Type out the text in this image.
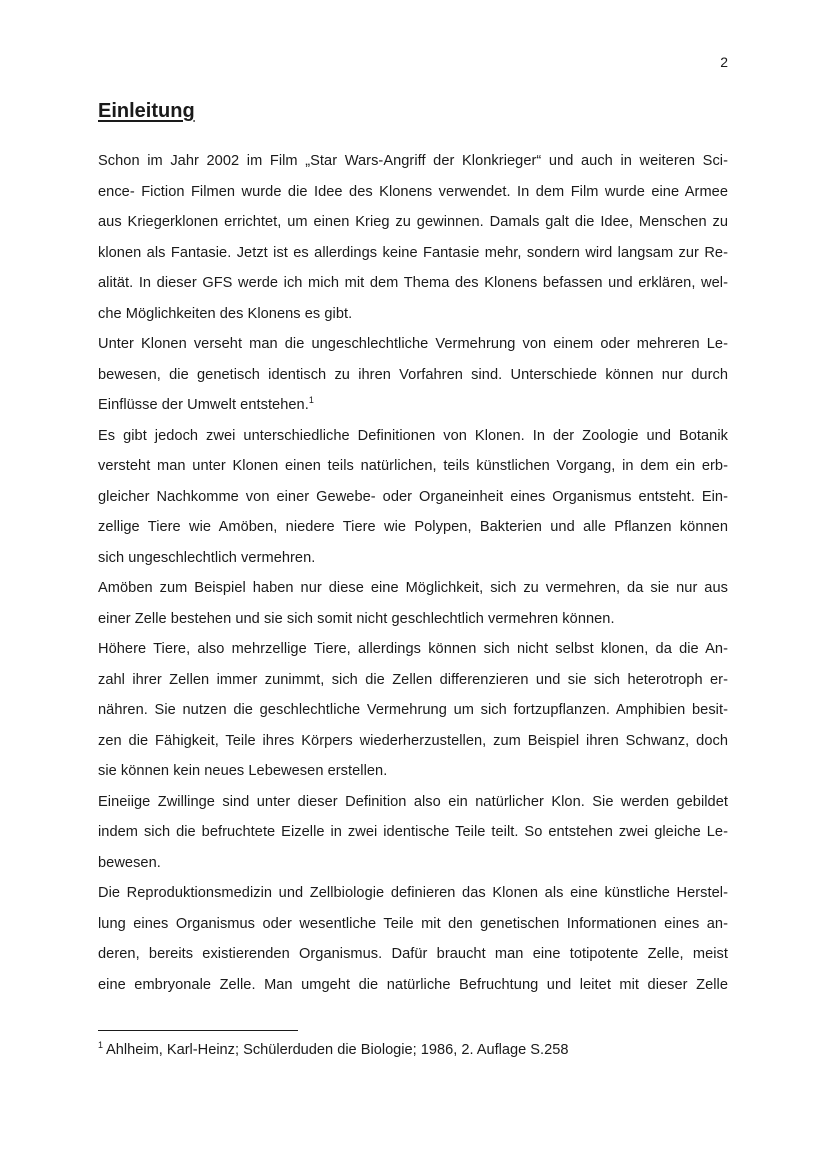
2
Einleitung
Schon im Jahr 2002 im Film „Star Wars-Angriff der Klonkrieger“ und auch in weiteren Sci-
ence- Fiction Filmen wurde die Idee des Klonens verwendet. In dem Film wurde eine Armee
aus Kriegerklonen errichtet, um einen Krieg zu gewinnen. Damals galt die Idee, Menschen zu
klonen als Fantasie. Jetzt ist es allerdings keine Fantasie mehr, sondern wird langsam zur Re-
alität. In dieser GFS werde ich mich mit dem Thema des Klonens befassen und erklären, wel-
che Möglichkeiten des Klonens es gibt.
Unter Klonen verseht man die ungeschlechtliche Vermehrung von einem oder mehreren Le-
bewesen, die genetisch identisch zu ihren Vorfahren sind. Unterschiede können nur durch
Einflüsse der Umwelt entstehen.$^1$
Es gibt jedoch zwei unterschiedliche Definitionen von Klonen. In der Zoologie und Botanik
versteht man unter Klonen einen teils natürlichen, teils künstlichen Vorgang, in dem ein erb-
gleicher Nachkomme von einer Gewebe- oder Organeinheit eines Organismus entsteht. Ein-
zellige Tiere wie Amöben, niedere Tiere wie Polypen, Bakterien und alle Pflanzen können
sich ungeschlechtlich vermehren.
Amöben zum Beispiel haben nur diese eine Möglichkeit, sich zu vermehren, da sie nur aus
einer Zelle bestehen und sie sich somit nicht geschlechtlich vermehren können.
Höhere Tiere, also mehrzellige Tiere, allerdings können sich nicht selbst klonen, da die An-
zahl ihrer Zellen immer zunimmt, sich die Zellen differenzieren und sie sich heterotroph er-
nähren. Sie nutzen die geschlechtliche Vermehrung um sich fortzupflanzen. Amphibien besit-
zen die Fähigkeit, Teile ihres Körpers wiederherzustellen, zum Beispiel ihren Schwanz, doch
sie können kein neues Lebewesen erstellen.
Eineiige Zwillinge sind unter dieser Definition also ein natürlicher Klon. Sie werden gebildet
indem sich die befruchtete Eizelle in zwei identische Teile teilt. So entstehen zwei gleiche Le-
bewesen.
Die Reproduktionsmedizin und Zellbiologie definieren das Klonen als eine künstliche Herstel-
lung eines Organismus oder wesentliche Teile mit den genetischen Informationen eines an-
deren, bereits existierenden Organismus. Dafür braucht man eine totipotente Zelle, meist
eine embryonale Zelle. Man umgeht die natürliche Befruchtung und leitet mit dieser Zelle
$^1$ Ahlheim, Karl-Heinz; Schülerduden die Biologie; 1986, 2. Auflage S.258
